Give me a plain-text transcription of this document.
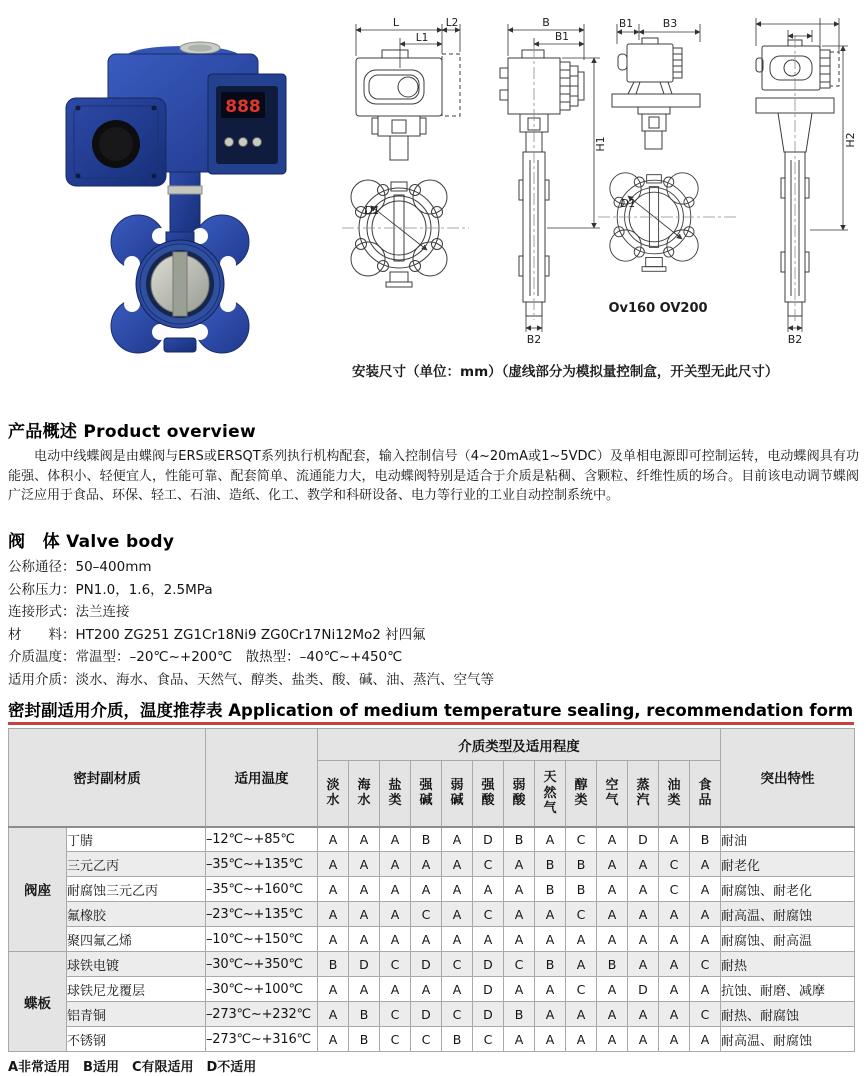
888
L	L2
L1
D1
B
B1
H1
B2
B1	B3
D1
H2
B2
Ov160 OV200
安装尺寸（单位：mm）（虚线部分为模拟量控制盒，开关型无此尺寸）
产品概述 Product overview
电动中线蝶阀是由蝶阀与ERS或ERSQT系列执行机构配套，输入控制信号（4~20mA或1~5VDC）及单相电源即可控制运转，电动蝶阀具有功能强、体积小、轻便宜人，性能可靠、配套简单、流通能力大，电动蝶阀特别是适合于介质是粘稠、含颗粒、纤维性质的场合。目前该电动调节蝶阀广泛应用于食品、环保、轻工、石油、造纸、化工、教学和科研设备、电力等行业的工业自动控制系统中。
阀　体 Valve body
公称通径：50–400mm
公称压力：PN1.0，1.6，2.5MPa
连接形式：法兰连接
材　　料：HT200 ZG251 ZG1Cr18Ni9 ZG0Cr17Ni12Mo2 衬四氟
介质温度：常温型：–20℃~+200℃　散热型：–40℃~+450℃
适用介质：淡水、海水、食品、天然气、醇类、盐类、酸、碱、油、蒸汽、空气等
密封副适用介质，温度推荐表 Application of medium temperature sealing, recommendation form
密封副材质		适用温度	介质类型及适用程度													突出特性
			淡水	海水	盐类	强碱	弱碱	强酸	弱酸	天然气	醇类	空气	蒸汽	油类	食品	
阀座	丁腈	–12℃~+85℃	A	A	A	B	A	D	B	A	C	A	D	A	B	耐油
	三元乙丙	–35℃~+135℃	A	A	A	A	A	C	A	B	B	A	A	C	A	耐老化
	耐腐蚀三元乙丙	–35℃~+160℃	A	A	A	A	A	A	A	B	B	A	A	C	A	耐腐蚀、耐老化
	氟橡胶	–23℃~+135℃	A	A	A	C	A	C	A	A	C	A	A	A	A	耐高温、耐腐蚀
	聚四氟乙烯	–10℃~+150℃	A	A	A	A	A	A	A	A	A	A	A	A	A	耐腐蚀、耐高温
蝶板	球铁电镀	–30℃~+350℃	B	D	C	D	C	D	C	B	A	B	A	A	C	耐热
	球铁尼龙覆层	–30℃~+100℃	A	A	A	A	A	D	A	A	C	A	D	A	A	抗蚀、耐磨、减摩
	铝青铜	–273℃~+232℃	A	B	C	D	C	D	B	A	A	A	A	A	C	耐热、耐腐蚀
	不锈钢	–273℃~+316℃	A	B	C	C	B	C	A	A	A	A	A	A	A	耐高温、耐腐蚀
A非常适用　B适用　C有限适用　D不适用
